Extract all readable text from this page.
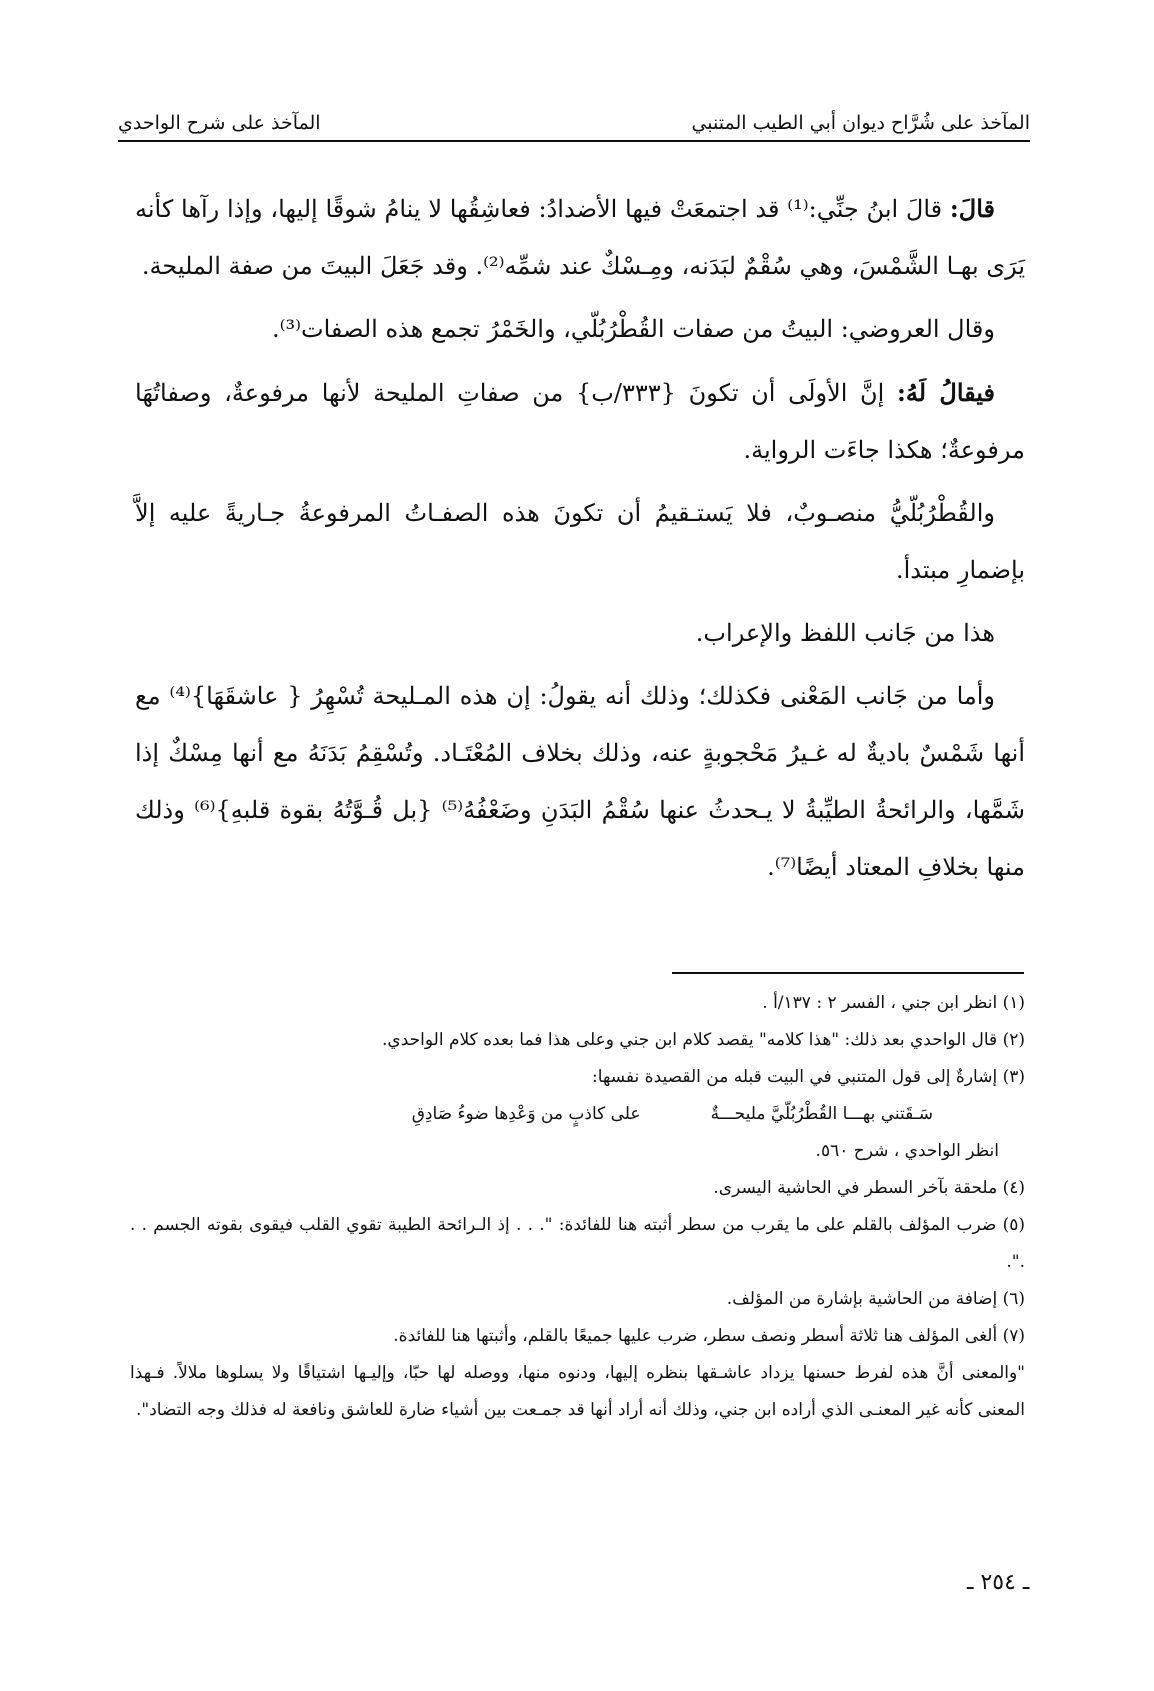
المآخذ على شُرَّاح ديوان أبي الطيب المتنبي
المآخذ على شرح الواحدي

قالَ: قالَ ابنُ جنِّي:⁽¹⁾ قد اجتمعَتْ فيها الأضدادُ: فعاشِقُها لا ينامُ شوقًا إليها، وإذا رآها كأنه يَرَى بهـا الشَّمْسَ، وهي سُقْمٌ لبَدَنه، ومِـسْكٌ عند شمِّه⁽²⁾. وقد جَعَلَ البيتَ من صفة المليحة.

وقال العروضي: البيتُ من صفات القُطْرُبُلّي، والخَمْرُ تجمع هذه الصفات⁽³⁾.

فيقالُ لَهُ: إنَّ الأولَى أن تكونَ {٣٣٣/ب} من صفاتِ المليحة لأنها مرفوعةٌ، وصفاتُهَا مرفوعةٌ؛ هكذا جاءَت الرواية.

والقُطْرُبُلّيُّ منصـوبٌ، فلا يَستـقيمُ أن تكونَ هذه الصفـاتُ المرفوعةُ جـاريةً عليه إلاَّ بإضمارِ مبتدأ.

هذا من جَانب اللفظ والإعراب.

وأما من جَانب المَعْنى فكذلك؛ وذلك أنه يقولُ: إن هذه المـليحة تُسْهِرُ { عاشقَهَا}⁽⁴⁾ مع أنها شَمْسٌ باديةٌ له غـيرُ مَحْجوبةٍ عنه، وذلك بخلاف المُعْتَـاد. وتُسْقِمُ بَدَنَهُ مع أنها مِسْكٌ إذا شَمَّها، والرائحةُ الطيِّبةُ لا يـحدثُ عنها سُقْمُ البَدَنِ وضَعْفُهُ⁽⁵⁾ {بل قُـوَّتُهُ بقوة قلبهِ}⁽⁶⁾ وذلك منها بخلافِ المعتاد أيضًا⁽⁷⁾.

(١) انظر ابن جني ، الفسر ٢ : ١٣٧/أ .

(٢) قال الواحدي بعد ذلك: "هذا كلامه" يقصد كلام ابن جني وعلى هذا فما بعده كلام الواحدي.

(٣) إشارةٌ إلى قول المتنبي في البيت قبله من القصيدة نفسها:

سَـقَتني بهـــا القُطْرُبُلّيَّ مليحـــةٌ
على كاذبٍ من وَعْدِها ضوءُ صَادِقِ

انظر الواحدي ، شرح ٥٦٠.

(٤) ملحقة بآخر السطر في الحاشية اليسرى.

(٥) ضرب المؤلف بالقلم على ما يقرب من سطر أثبته هنا للفائدة: ". . . إذ الـرائحة الطيبة تقوي القلب فيقوى بقوته الجسم . . .".

(٦) إضافة من الحاشية بإشارة من المؤلف.

(٧) ألغى المؤلف هنا ثلاثة أسطر ونصف سطر، ضرب عليها جميعًا بالقلم، وأثبتها هنا للفائدة.

"والمعنى أنَّ هذه لفرط حسنها يزداد عاشـقها بنظره إليها، ودنوه منها، ووصله لها حبّا، وإليـها اشتياقًا ولا يسلوها ملالاً. فـهذا المعنى كأنه غير المعنـى الذي أراده ابن جني، وذلك أنه أراد أنها قد جمـعت بين أشياء ضارة للعاشق ونافعة له فذلك وجه التضاد".

ـ ٢٥٤ ـ
